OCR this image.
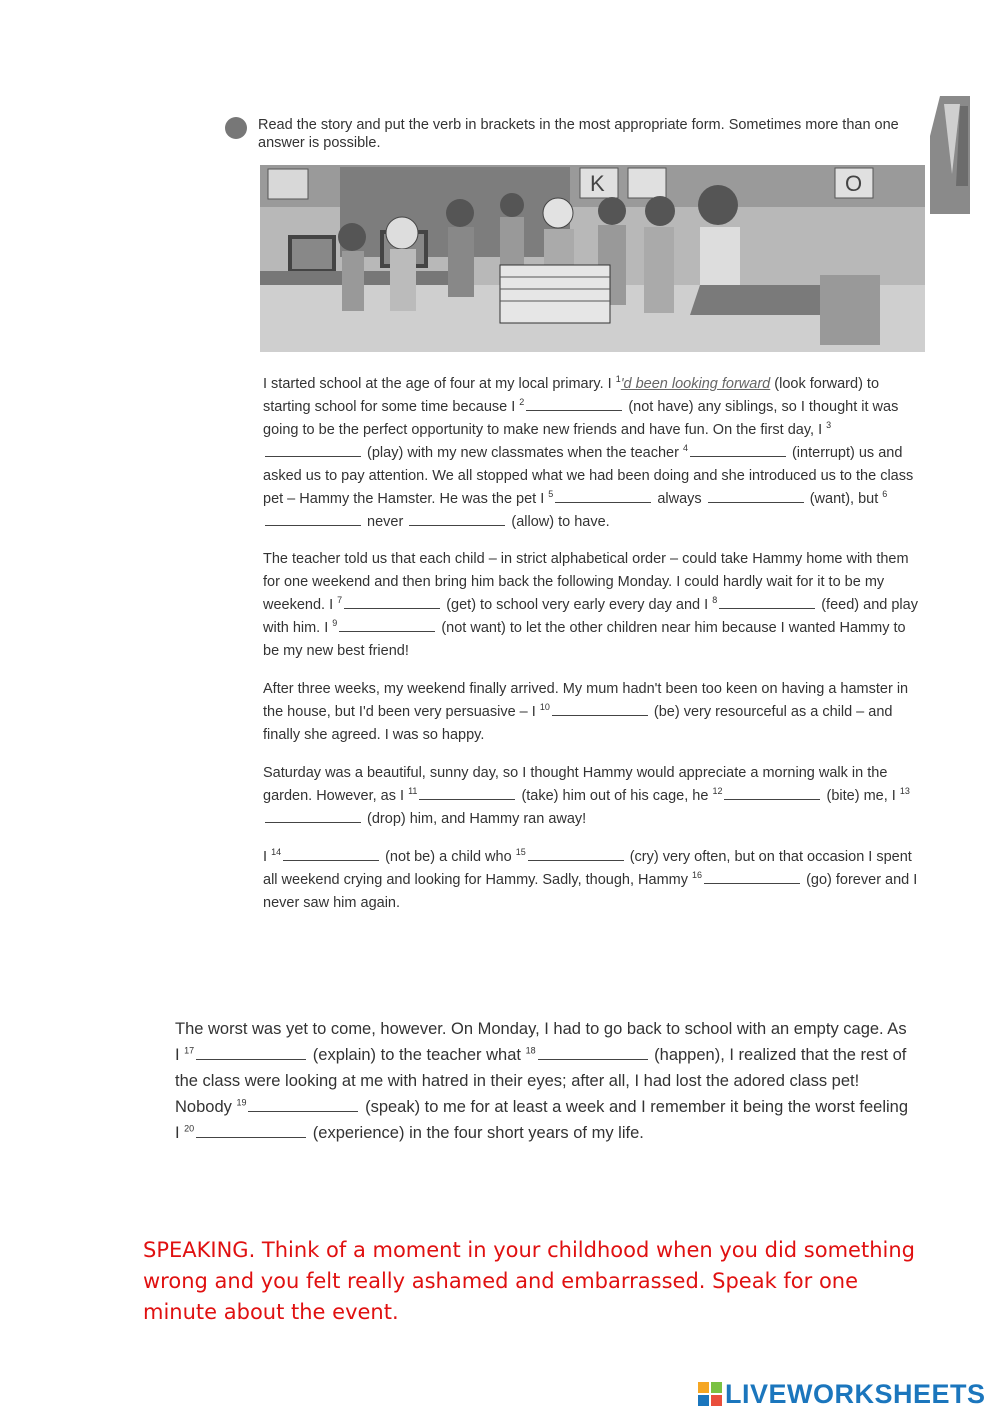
Read the story and put the verb in brackets in the most appropriate form. Sometimes more than one answer is possible.
K	O
I started school at the age of four at my local primary. I $^1$'d been looking forward (look forward) to starting school for some time because I $^2$	(not have) any siblings, so I thought it was going to be the perfect opportunity to make new friends and have fun. On the first day, I $^3$ (play) with my new classmates when the teacher $^4$	(interrupt) us and asked us to pay attention. We all stopped what we had been doing and she introduced us to the class pet – Hammy the Hamster. He was the pet I $^5$	always	(want), but $^6$ never	(allow) to have.
The teacher told us that each child – in strict alphabetical order – could take Hammy home with them for one weekend and then bring him back the following Monday. I could hardly wait for it to be my weekend. I $^7$	(get) to school very early every day and I $^8$	(feed) and play with him. I $^9$	(not want) to let the other children near him because I wanted Hammy to be my new best friend!
After three weeks, my weekend finally arrived. My mum hadn't been too keen on having a hamster in the house, but I'd been very persuasive – I $^{10}$	(be) very resourceful as a child – and finally she agreed. I was so happy.
Saturday was a beautiful, sunny day, so I thought Hammy would appreciate a morning walk in the garden. However, as I $^{11}$	(take) him out of his cage, he $^{12}$	(bite) me, I $^{13}$ (drop) him, and Hammy ran away!
I $^{14}$	(not be) a child who $^{15}$	(cry) very often, but on that occasion I spent all weekend crying and looking for Hammy. Sadly, though, Hammy $^{16}$	(go) forever and I never saw him again.
The worst was yet to come, however. On Monday, I had to go back to school with an empty cage. As I $^{17}$	(explain) to the teacher what $^{18}$	(happen), I realized that the rest of the class were looking at me with hatred in their eyes; after all, I had lost the adored class pet! Nobody $^{19}$	(speak) to me for at least a week and I remember it being the worst feeling I $^{20}$	(experience) in the four short years of my life.
SPEAKING. Think of a moment in your childhood when you did something wrong and you felt really ashamed and embarrassed. Speak for one minute about the event.
LIVEWORKSHEETS
